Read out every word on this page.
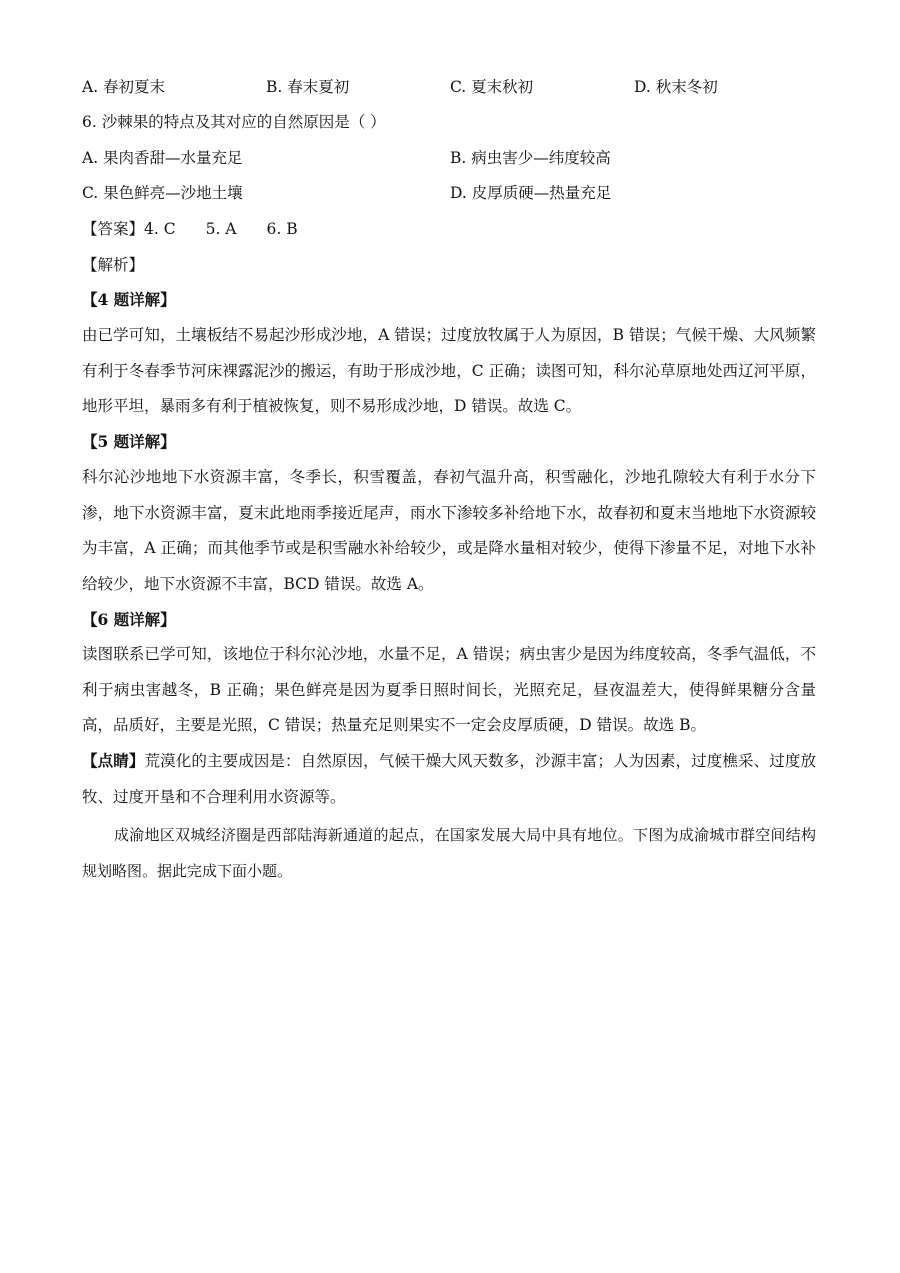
A. 春初夏末	B. 春末夏初	C. 夏末秋初	D. 秋末冬初
6. 沙棘果的特点及其对应的自然原因是（ ）
A. 果肉香甜—水量充足	B. 病虫害少—纬度较高
C. 果色鲜亮—沙地土壤	D. 皮厚质硬—热量充足
【答案】4. C 5. A 6. B
【解析】
【4 题详解】
由已学可知，土壤板结不易起沙形成沙地，A 错误；过度放牧属于人为原因，B 错误；气候干燥、大风频繁有利于冬春季节河床裸露泥沙的搬运，有助于形成沙地，C 正确；读图可知，科尔沁草原地处西辽河平原，地形平坦，暴雨多有利于植被恢复，则不易形成沙地，D 错误。故选 C。
【5 题详解】
科尔沁沙地地下水资源丰富，冬季长，积雪覆盖，春初气温升高，积雪融化，沙地孔隙较大有利于水分下渗，地下水资源丰富，夏末此地雨季接近尾声，雨水下渗较多补给地下水，故春初和夏末当地地下水资源较为丰富，A 正确；而其他季节或是积雪融水补给较少，或是降水量相对较少，使得下渗量不足，对地下水补给较少，地下水资源不丰富，BCD 错误。故选 A。
【6 题详解】
读图联系已学可知，该地位于科尔沁沙地，水量不足，A 错误；病虫害少是因为纬度较高，冬季气温低，不利于病虫害越冬，B 正确；果色鲜亮是因为夏季日照时间长，光照充足，昼夜温差大，使得鲜果糖分含量高，品质好，主要是光照，C 错误；热量充足则果实不一定会皮厚质硬，D 错误。故选 B。
【点睛】荒漠化的主要成因是：自然原因，气候干燥大风天数多，沙源丰富；人为因素，过度樵采、过度放牧、过度开垦和不合理利用水资源等。
成渝地区双城经济圈是西部陆海新通道的起点，在国家发展大局中具有地位。下图为成渝城市群空间结构规划略图。据此完成下面小题。
